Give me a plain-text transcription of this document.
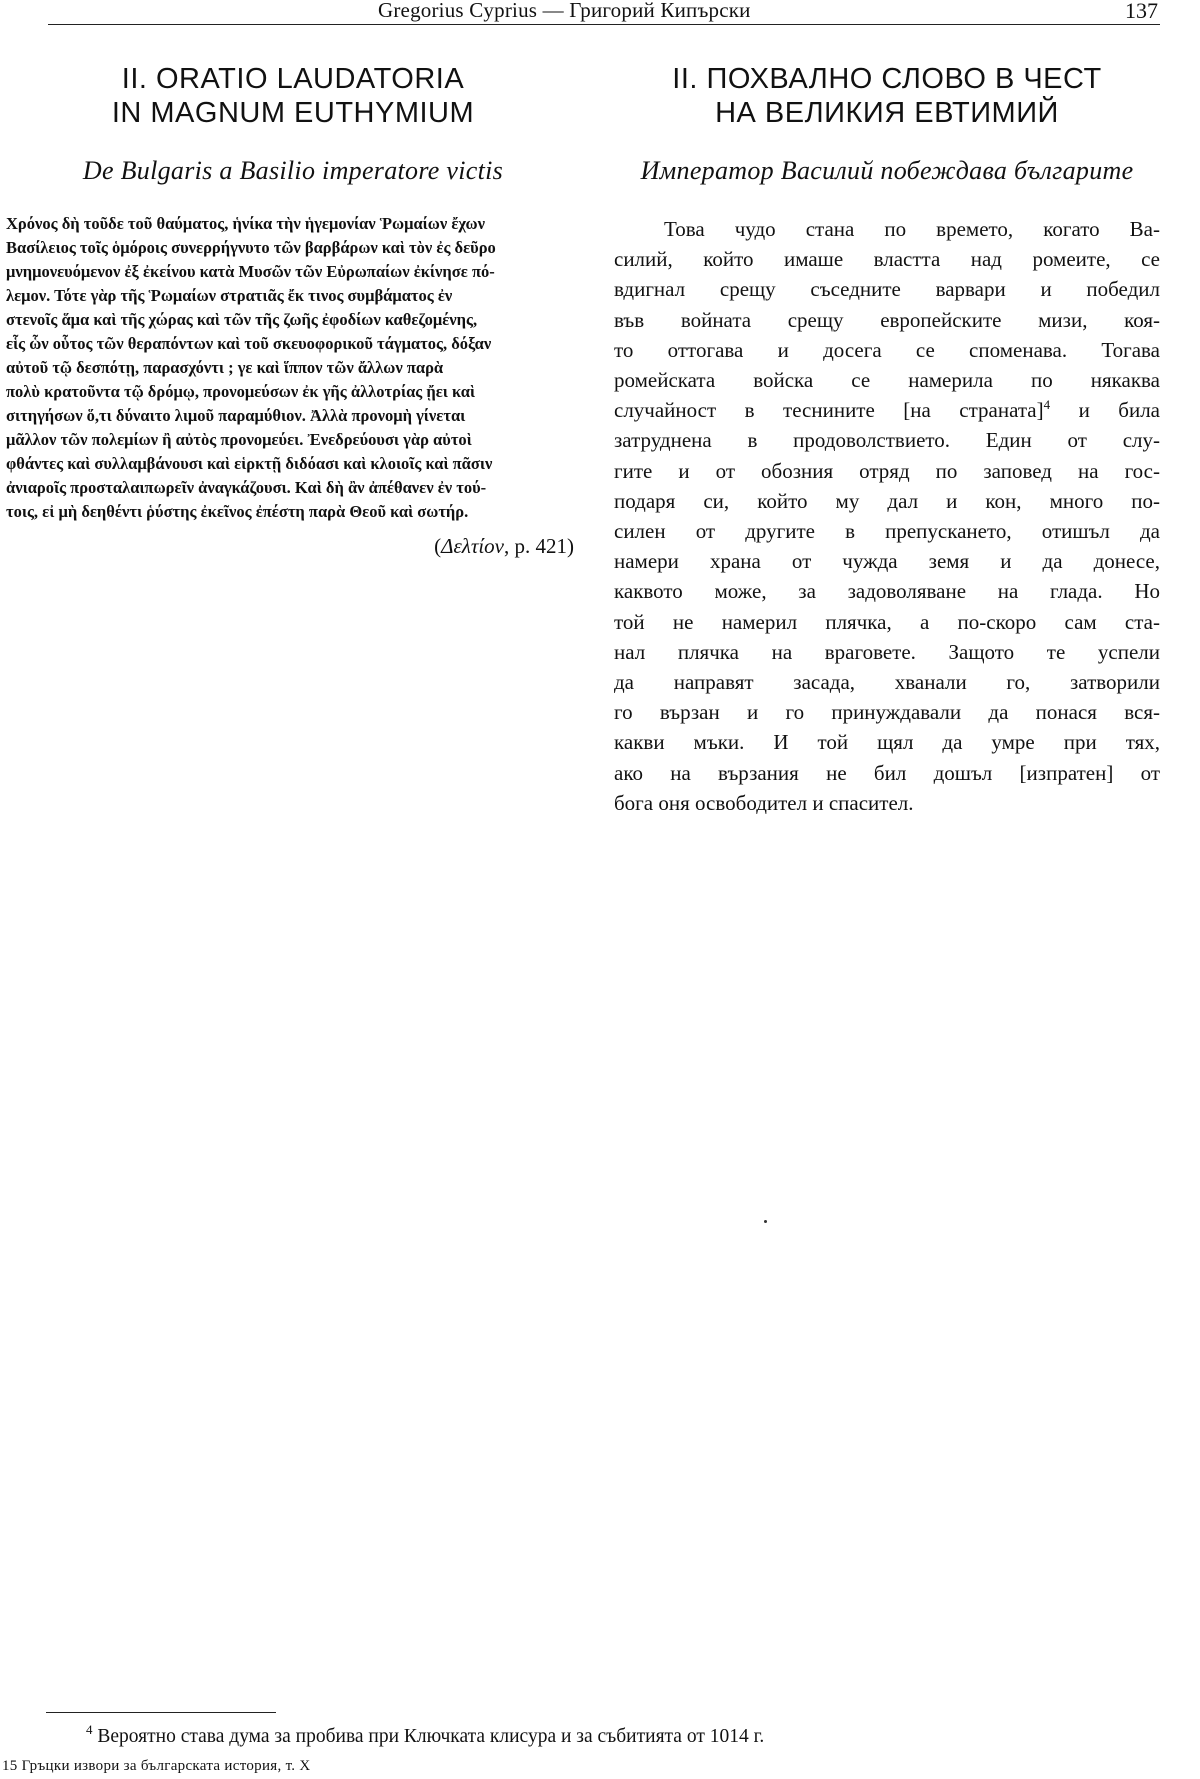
Gregorius Cyprius — Григорий Кипърски	137
II. ORATIO LAUDATORIA
IN MAGNUM EUTHYMIUM
De Bulgaris a Basilio imperatore victis
Χρόνος δὴ τοῦδε τοῦ θαύματος, ἡνίκα τὴν ἡγεμονίαν Ῥωμαίων ἔχων
Βασίλειος τοῖς ὁμόροις συνερρήγνυτο τῶν βαρβάρων καὶ τὸν ἐς δεῦρο
μνημονευόμενον ἐξ ἐκείνου κατὰ Μυσῶν τῶν Εὐρωπαίων ἐκίνησε πό-
λεμον. Τότε γὰρ τῆς Ῥωμαίων στρατιᾶς ἔκ τινος συμβάματος ἐν
στενοῖς ἅμα καὶ τῆς χώρας καὶ τῶν τῆς ζωῆς ἐφοδίων καθεζομένης,
εἷς ὧν οὗτος τῶν θεραπόντων καὶ τοῦ σκευοφορικοῦ τάγματος, δόξαν
αὐτοῦ τῷ δεσπότῃ, παρασχόντι ; γε καὶ ἵππον τῶν ἄλλων παρὰ
πολὺ κρατοῦντα τῷ δρόμῳ, προνομεύσων ἐκ γῆς ἀλλοτρίας ᾔει καὶ
σιτηγήσων ὅ,τι δύναιτο λιμοῦ παραμύθιον. Ἀλλὰ προνομὴ γίνεται
μᾶλλον τῶν πολεμίων ἢ αὐτὸς προνομεύει. Ἐνεδρεύουσι γὰρ αὐτοὶ
φθάντες καὶ συλλαμβάνουσι καὶ εἱρκτῇ διδόασι καὶ κλοιοῖς καὶ πᾶσιν
ἀνιαροῖς προσταλαιπωρεῖν ἀναγκάζουσι. Καὶ δὴ ἂν ἀπέθανεν ἐν τού-
τοις, εἰ μὴ δεηθέντι ῥύστης ἐκεῖνος ἐπέστη παρὰ Θεοῦ καὶ σωτήρ.
(Δελτίον, p. 421)
II. ПОХВАЛНО СЛОВО В ЧЕСТ
НА ВЕЛИКИЯ ЕВТИМИЙ
Император Василий побеждава българите
Това чудо стана по времето, когато Ва-
силий, който имаше властта над ромеите, се
вдигнал срещу съседните варвари и победил
във войната срещу европейските мизи, коя-
то оттогава и досега се споменава. Тогава
ромейската войска се намерила по някаква
случайност в теснините [на страната]$^4$ и била
затруднена в продоволствието. Един от слу-
гите и от обозния отряд по заповед на гос-
подаря си, който му дал и кон, много по-
силен от другите в препускането, отишъл да
намери храна от чужда земя и да донесе,
каквото може, за задоволяване на глада. Но
той не намерил плячка, а по-скоро сам ста-
нал плячка на враговете. Защото те успели
да направят засада, хванали го, затворили
го вързан и го принуждавали да понася вся-
какви мъки. И той щял да умре при тях,
ако на вързания не бил дошъл [изпратен] от
бога оня освободител и спасител.
$^4$ Вероятно става дума за пробива при Ключката клисура и за събитията от 1014 г.
15 Гръцки извори за българската история, т. X
